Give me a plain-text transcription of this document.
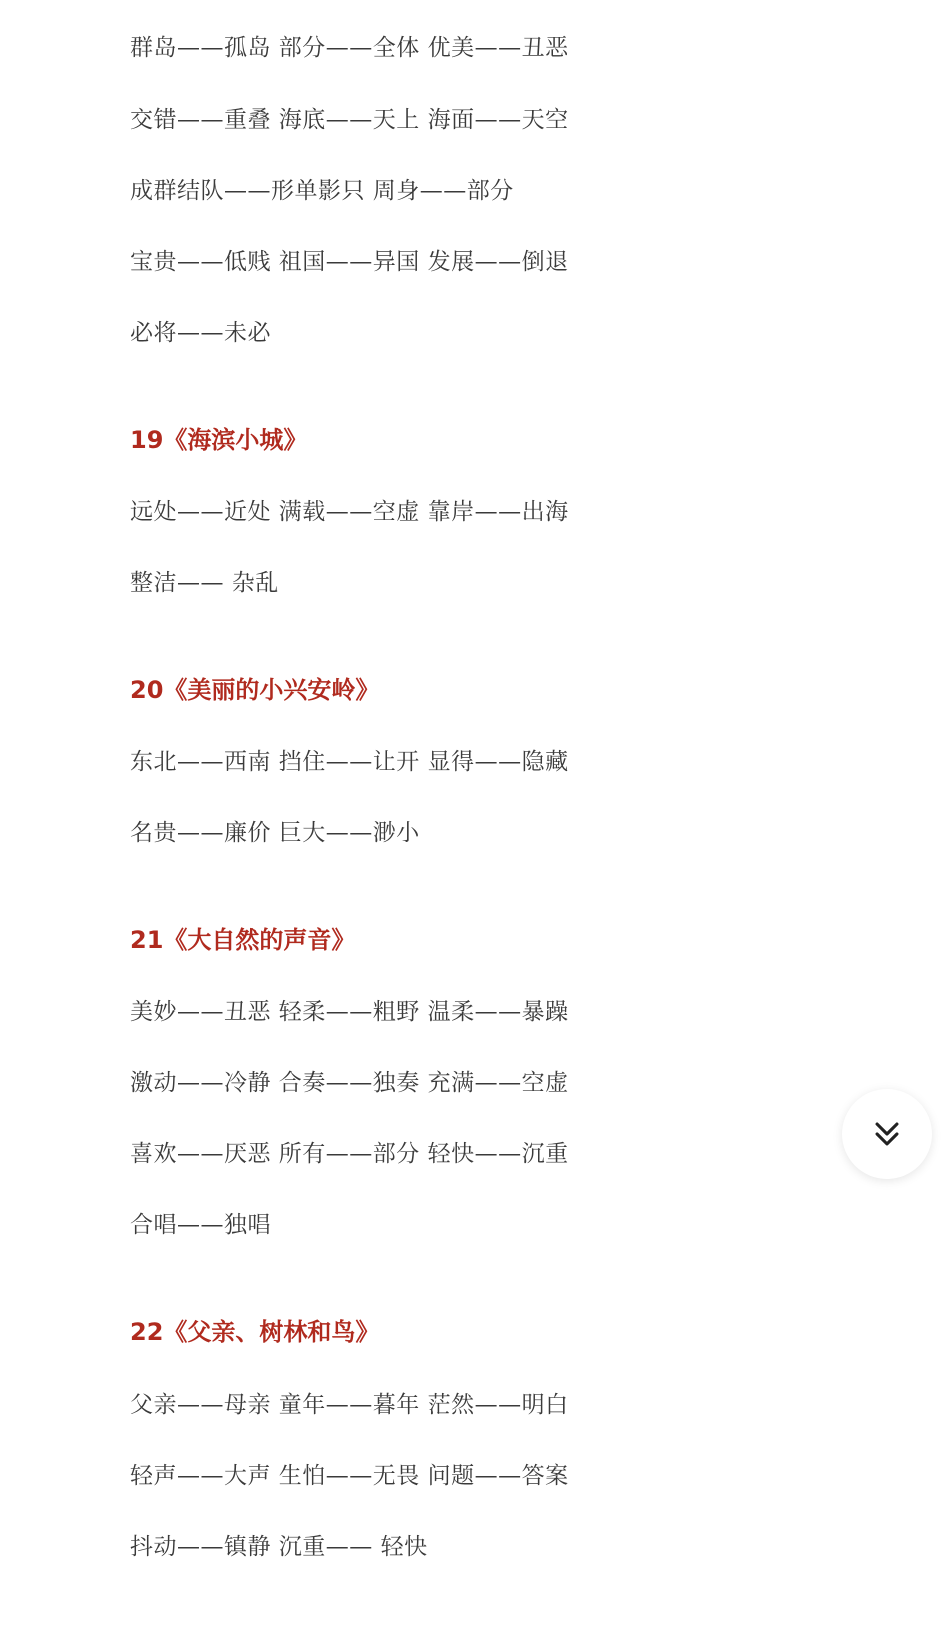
群岛——孤岛 部分——全体 优美——丑恶
交错——重叠 海底——天上 海面——天空
成群结队——形单影只 周身——部分
宝贵——低贱 祖国——异国 发展——倒退
必将——未必
19《海滨小城》
远处——近处 满载——空虚 靠岸——出海
整洁—— 杂乱
20《美丽的小兴安岭》
东北——西南 挡住——让开 显得——隐藏
名贵——廉价 巨大——渺小
21《大自然的声音》
美妙——丑恶 轻柔——粗野 温柔——暴躁
激动——冷静 合奏——独奏 充满——空虚
喜欢——厌恶 所有——部分 轻快——沉重
合唱——独唱
22《父亲、树林和鸟》
父亲——母亲 童年——暮年 茫然——明白
轻声——大声 生怕——无畏 问题——答案
抖动——镇静 沉重—— 轻快
